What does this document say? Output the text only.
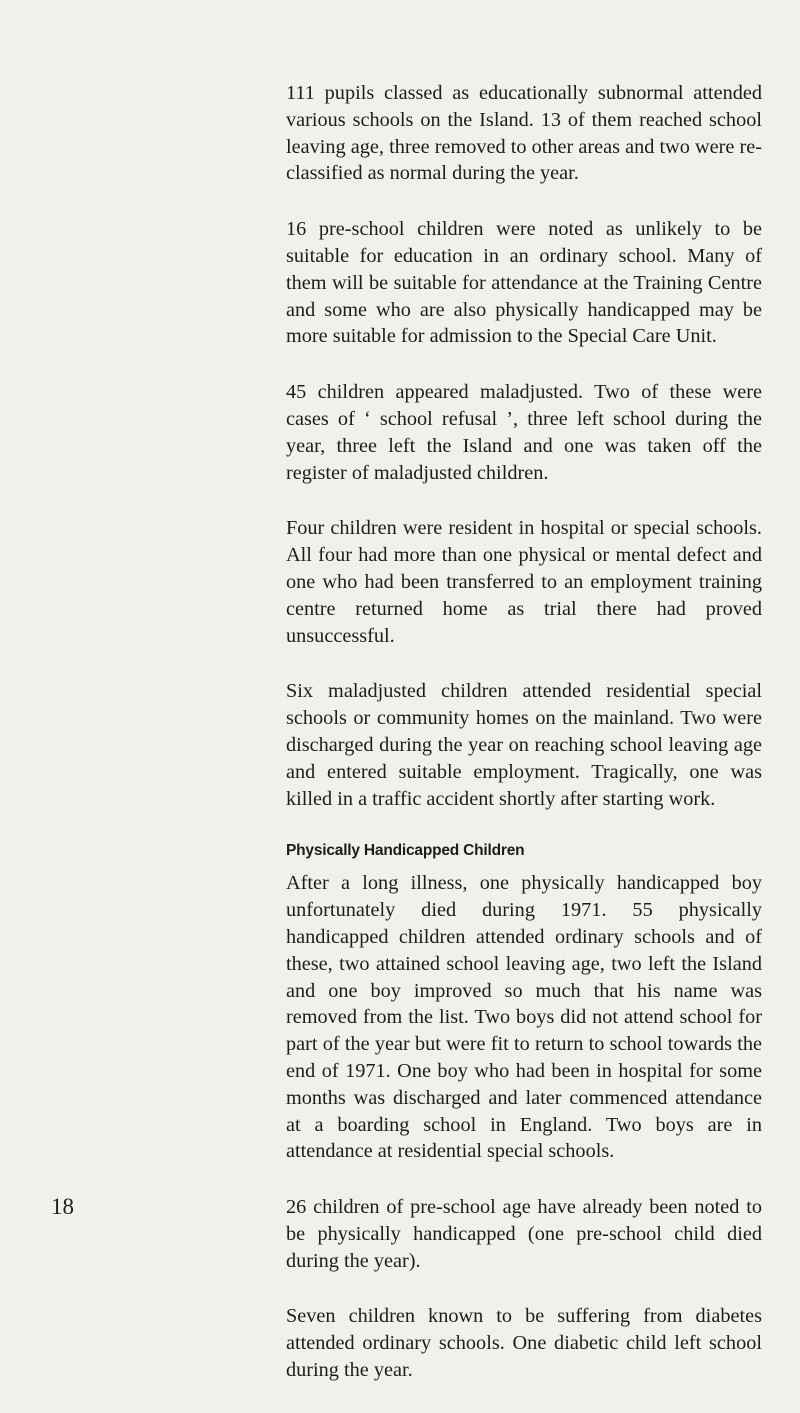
111 pupils classed as educationally subnormal attended various schools on the Island. 13 of them reached school leaving age, three removed to other areas and two were re-classified as normal during the year.

16 pre-school children were noted as unlikely to be suitable for education in an ordinary school. Many of them will be suitable for attendance at the Training Centre and some who are also physically handicapped may be more suitable for admission to the Special Care Unit.

45 children appeared maladjusted. Two of these were cases of ‘ school refusal ’, three left school during the year, three left the Island and one was taken off the register of maladjusted children.

Four children were resident in hospital or special schools. All four had more than one physical or mental defect and one who had been transferred to an employment training centre returned home as trial there had proved unsuccessful.

Six maladjusted children attended residential special schools or community homes on the mainland. Two were discharged during the year on reaching school leaving age and entered suitable employment. Tragically, one was killed in a traffic accident shortly after starting work.

Physically Handicapped Children

After a long illness, one physically handicapped boy unfortunately died during 1971. 55 physically handicapped children attended ordinary schools and of these, two attained school leaving age, two left the Island and one boy improved so much that his name was removed from the list. Two boys did not attend school for part of the year but were fit to return to school towards the end of 1971. One boy who had been in hospital for some months was discharged and later commenced attendance at a boarding school in England. Two boys are in attendance at residential special schools.

26 children of pre-school age have already been noted to be physically handicapped (one pre-school child died during the year).

Seven children known to be suffering from diabetes attended ordinary schools. One diabetic child left school during the year.

18
